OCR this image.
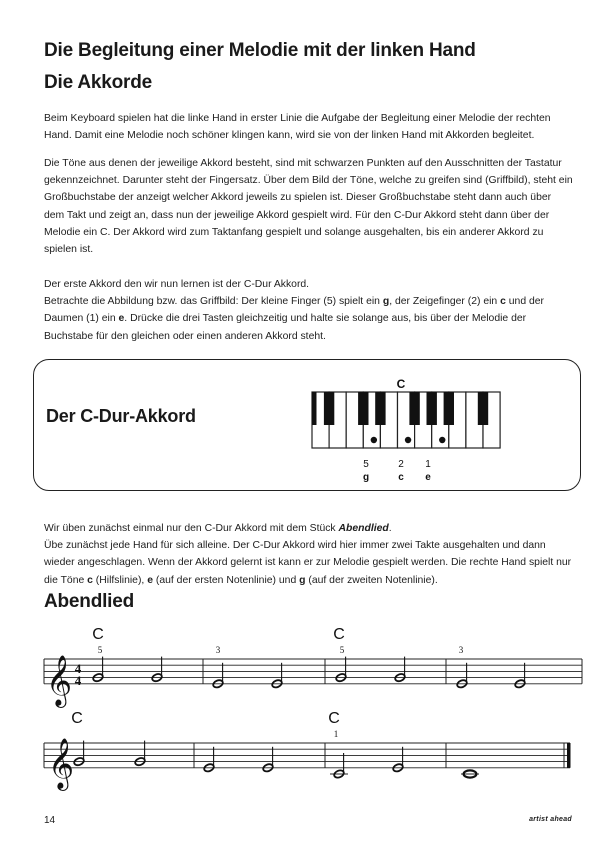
Die Begleitung einer Melodie mit der linken Hand
Die Akkorde

Beim Keyboard spielen hat die linke Hand in erster Linie die Aufgabe der Begleitung einer Melodie der rechten Hand. Damit eine Melodie noch schöner klingen kann, wird sie von der linken Hand mit Akkorden begleitet.

Die Töne aus denen der jeweilige Akkord besteht, sind mit schwarzen Punkten auf den Ausschnitten der Tastatur gekennzeichnet. Darunter steht der Fingersatz. Über dem Bild der Töne, welche zu greifen sind (Griffbild), steht ein Großbuchstabe der anzeigt welcher Akkord jeweils zu spielen ist. Dieser Großbuchstabe steht dann auch über dem Takt und zeigt an, dass nun der jeweilige Akkord gespielt wird. Für den C-Dur Akkord steht dann über der Melodie ein C. Der Akkord wird zum Taktanfang gespielt und solange ausgehalten, bis ein anderer Akkord zu spielen ist.

Der erste Akkord den wir nun lernen ist der C-Dur Akkord.
Betrachte die Abbildung bzw. das Griffbild: Der kleine Finger (5) spielt ein g, der Zeigefinger (2) ein c und der Daumen (1) ein e. Drücke die drei Tasten gleichzeitig und halte sie solange aus, bis über der Melodie der Buchstabe für den gleichen oder einen anderen Akkord steht.

Der C-Dur-Akkord
C
5	2 1
g	c e

Wir üben zunächst einmal nur den C-Dur Akkord mit dem Stück Abendlied.
Übe zunächst jede Hand für sich alleine. Der C-Dur Akkord wird hier immer zwei Takte ausgehalten und dann wieder angeschlagen. Wenn der Akkord gelernt ist kann er zur Melodie gespielt werden. Die rechte Hand spielt nur die Töne c (Hilfslinie), e (auf der ersten Notenlinie) und g (auf der zweiten Notenlinie).

Abendlied
𝄞 4
4
C	C
5	3	5	3
𝄞
C	C
1
14	artist ahead
